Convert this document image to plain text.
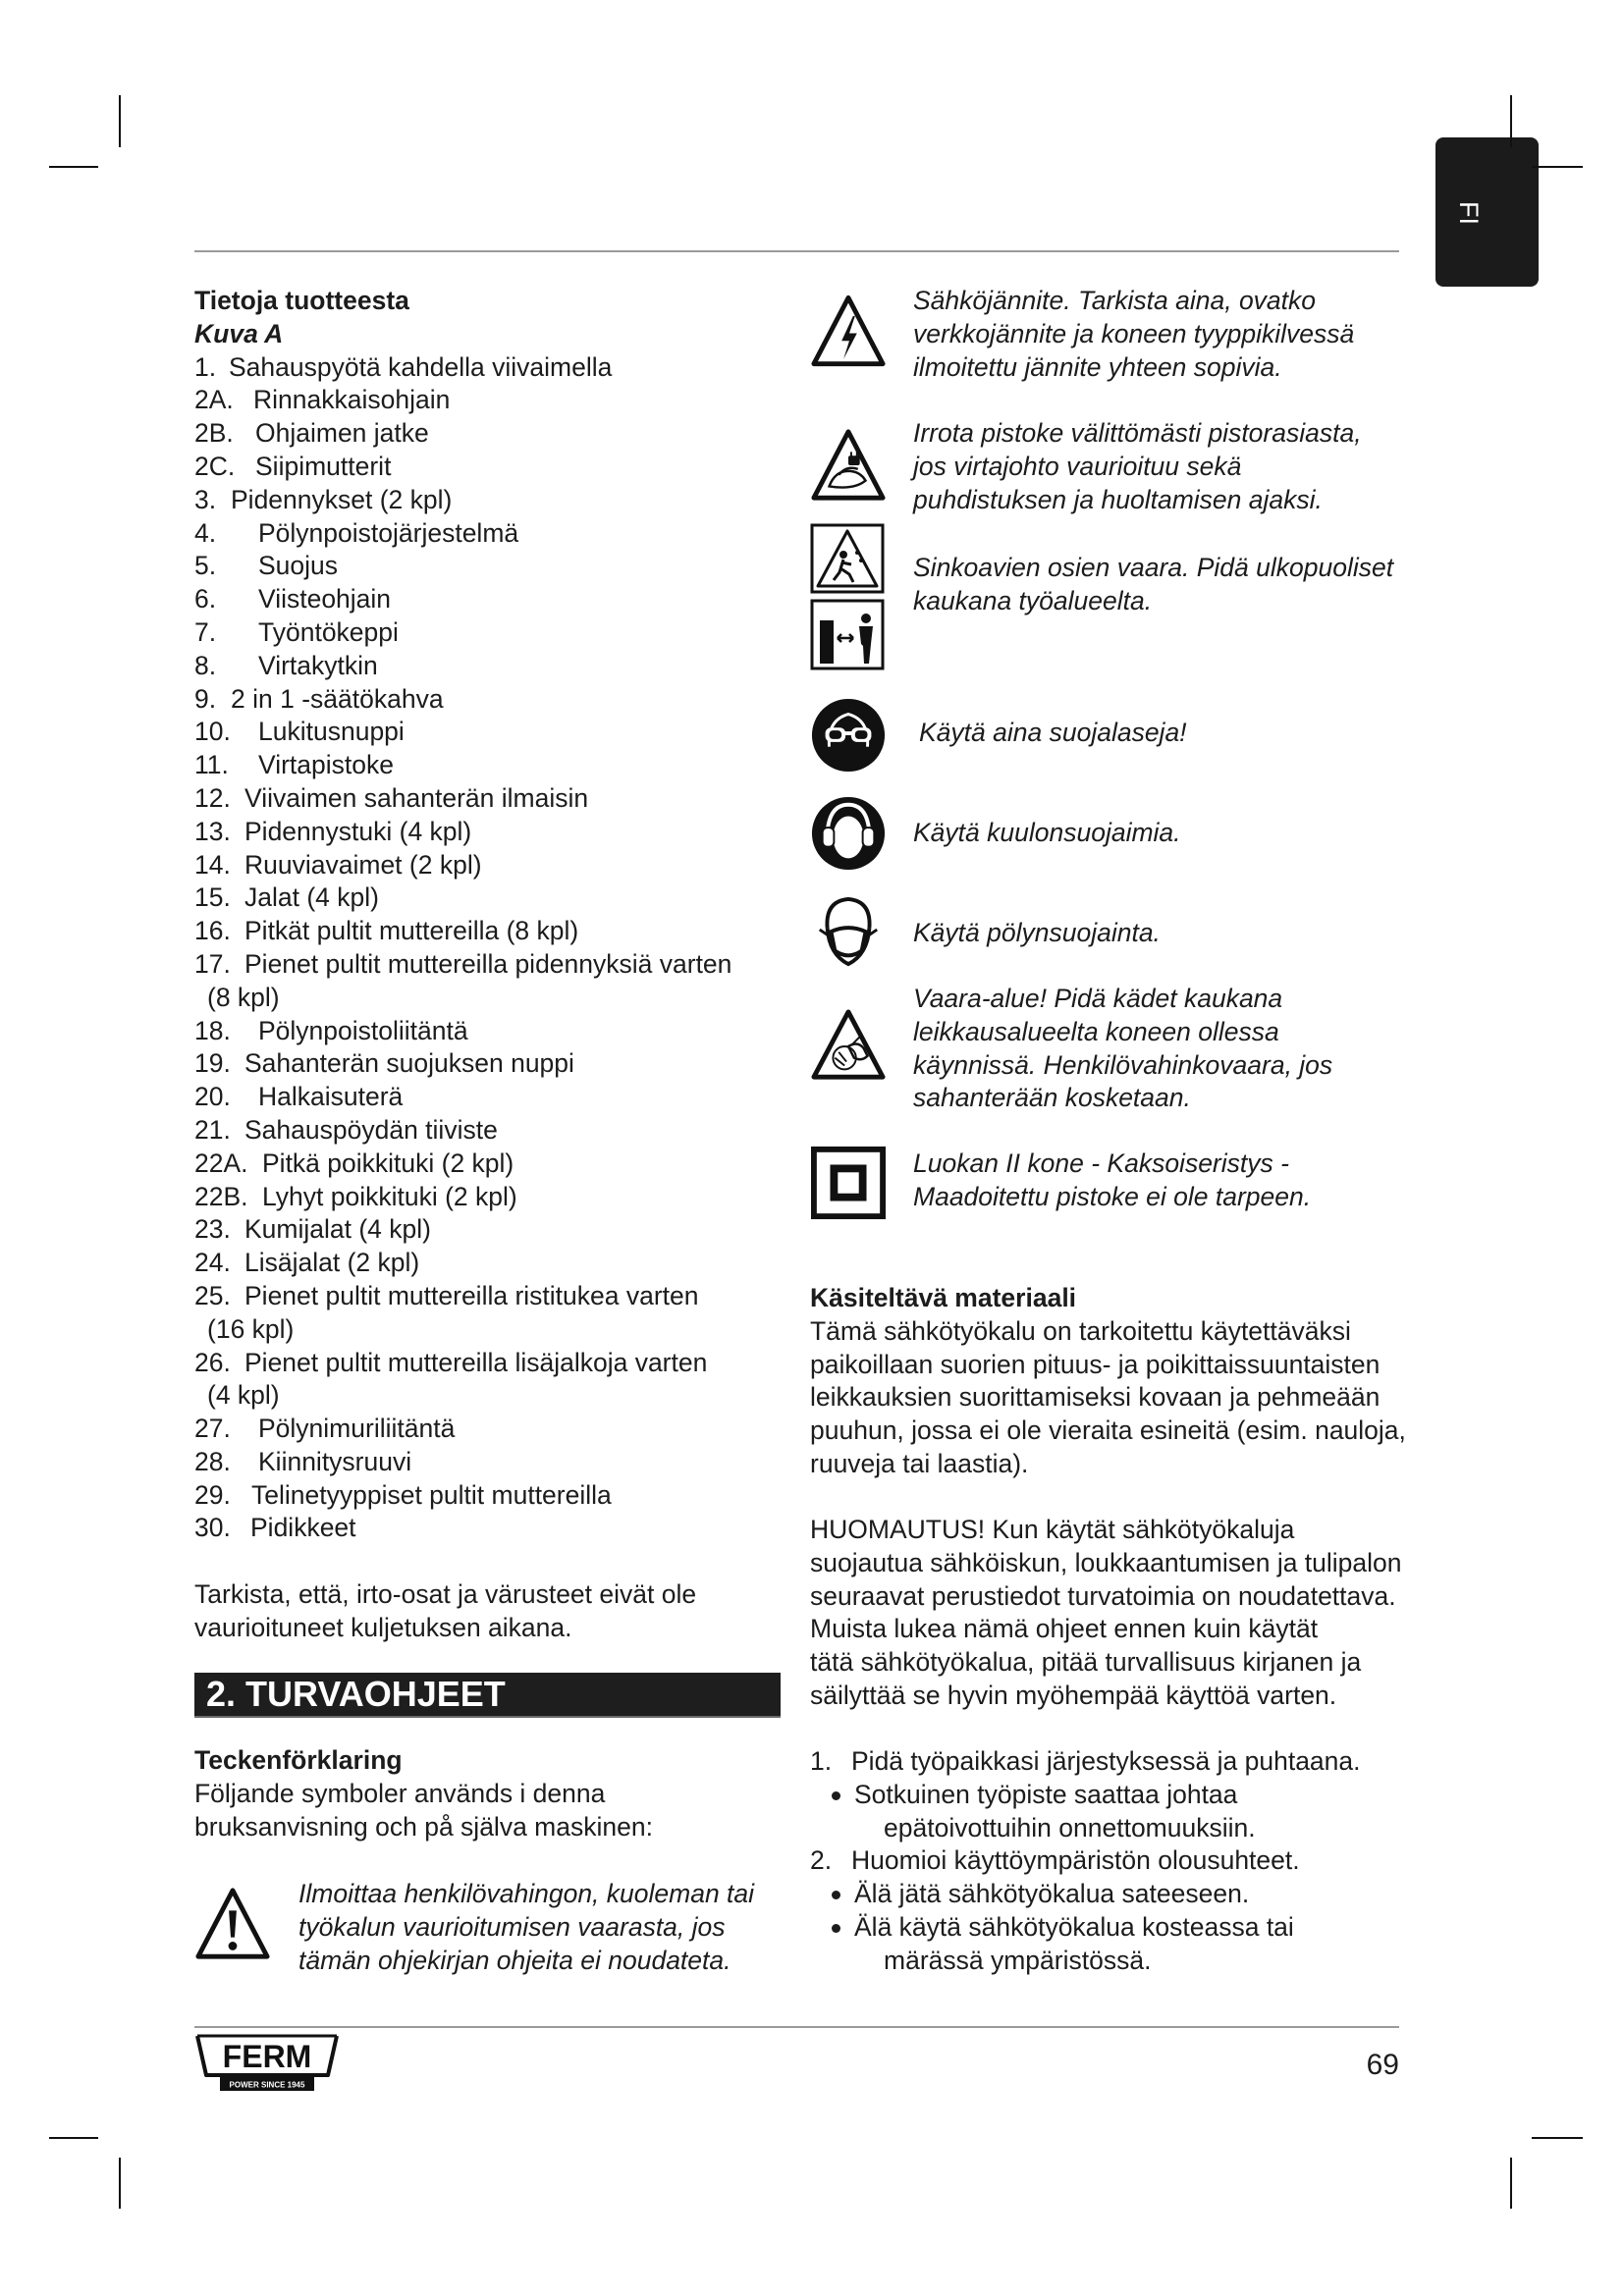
FI
Tietoja tuotteesta
Kuva A
1. Sahauspyötä kahdella viivaimella
2A. Rinnakkaisohjain
2B. Ohjaimen jatke
2C. Siipimutterit
3. Pidennykset (2 kpl)
4. Pölynpoistojärjestelmä
5. Suojus
6. Viisteohjain
7. Työntökeppi
8. Virtakytkin
9. 2 in 1 -säätökahva
10. Lukitusnuppi
11. Virtapistoke
12. Viivaimen sahanterän ilmaisin
13. Pidennystuki (4 kpl)
14. Ruuviavaimet (2 kpl)
15. Jalat (4 kpl)
16. Pitkät pultit muttereilla (8 kpl)
17. Pienet pultit muttereilla pidennyksiä varten
(8 kpl)
18. Pölynpoistoliitäntä
19. Sahanterän suojuksen nuppi
20. Halkaisuterä
21. Sahauspöydän tiiviste
22A. Pitkä poikkituki (2 kpl)
22B. Lyhyt poikkituki (2 kpl)
23. Kumijalat (4 kpl)
24. Lisäjalat (2 kpl)
25. Pienet pultit muttereilla ristitukea varten
(16 kpl)
26. Pienet pultit muttereilla lisäjalkoja varten
(4 kpl)
27. Pölynimuriliitäntä
28. Kiinnitysruuvi
29. Telinetyyppiset pultit muttereilla
30. Pidikkeet
Tarkista, että, irto-osat ja värusteet eivät ole
vaurioituneet kuljetuksen aikana.
2. TURVAOHJEET
Teckenförklaring
Följande symboler används i denna
bruksanvisning och på själva maskinen:
Ilmoittaa henkilövahingon, kuoleman tai
työkalun vaurioitumisen vaarasta, jos
tämän ohjekirjan ohjeita ei noudateta.
Sähköjännite. Tarkista aina, ovatko
verkkojännite ja koneen tyyppikilvessä
ilmoitettu jännite yhteen sopivia.
Irrota pistoke välittömästi pistorasiasta,
jos virtajohto vaurioituu sekä
puhdistuksen ja huoltamisen ajaksi.
Sinkoavien osien vaara. Pidä ulkopuoliset
kaukana työalueelta.
Käytä aina suojalaseja!
Käytä kuulonsuojaimia.
Käytä pölynsuojainta.
Vaara-alue! Pidä kädet kaukana
leikkausalueelta koneen ollessa
käynnissä. Henkilövahinkovaara, jos
sahanterään kosketaan.
Luokan II kone - Kaksoiseristys -
Maadoitettu pistoke ei ole tarpeen.
Käsiteltävä materiaali
Tämä sähkötyökalu on tarkoitettu käytettäväksi
paikoillaan suorien pituus- ja poikittaissuuntaisten
leikkauksien suorittamiseksi kovaan ja pehmeään
puuhun, jossa ei ole vieraita esineitä (esim. nauloja,
ruuveja tai laastia).
HUOMAUTUS! Kun käytät sähkötyökaluja
suojautua sähköiskun, loukkaantumisen ja tulipalon
seuraavat perustiedot turvatoimia on noudatettava.
Muista lukea nämä ohjeet ennen kuin käytät
tätä sähkötyökalua, pitää turvallisuus kirjanen ja
säilyttää se hyvin myöhempää käyttöä varten.
1. Pidä työpaikkasi järjestyksessä ja puhtaana.
Sotkuinen työpiste saattaa johtaa
epätoivottuihin onnettomuuksiin.
2. Huomioi käyttöympäristön olousuhteet.
Älä jätä sähkötyökalua sateeseen.
Älä käytä sähkötyökalua kosteassa tai
märässä ympäristössä.
FERM
POWER SINCE 1945
69
